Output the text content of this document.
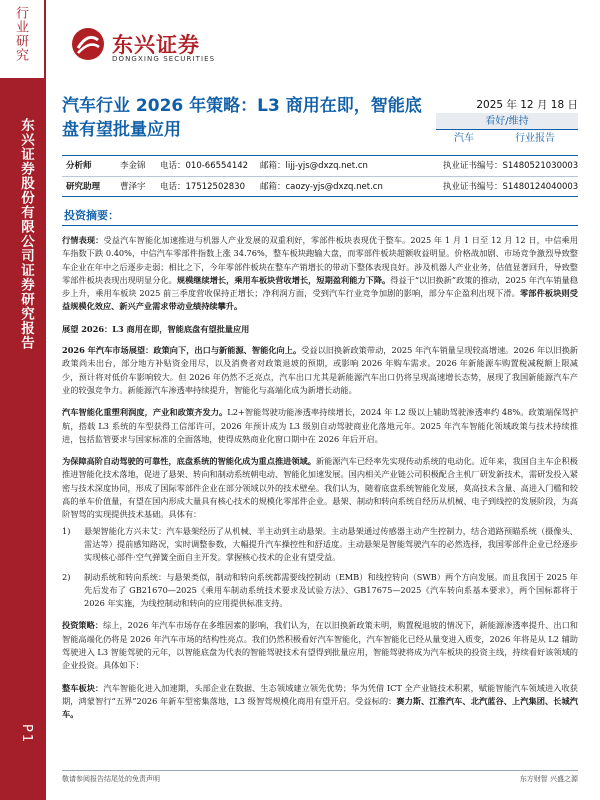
行业研究
东兴证券股份有限公司证券研究报告
P1
东兴证券
DONGXING SECURITIES
汽车行业 2026 年策略：L3 商用在即，智能底盘有望批量应用
2025 年 12 月 18 日
看好/维持
汽车	行业报告
分析师	李金锦 电话：010-66554142 邮箱：lijj-yjs@dxzq.net.cn	执业证书编号：S1480521030003
研究助理 曹泽宇 电话：17512502830 邮箱：caozy-yjs@dxzq.net.cn	执业证书编号：S1480124040003
投资摘要：
行情表现：受益汽车智能化加速推进与机器人产业发展的双重利好，零部件板块表现优于整车。2025 年 1 月 1 日至 12 月 12 日，中信乘用车指数下跌 0.40%，中信汽车零部件指数上涨 34.76%，整车板块跑输大盘，而零部件板块超额收益明显。价格战加剧、市场竞争激烈导致整车企业在年中之后逐步走弱；相比之下，今年零部件板块在整车产销增长的带动下整体表现良好。涉及机器人产业业务，估值显著回升，导致整零部件板块表现出现明显分化。规模继续增长，乘用车板块营收增长，短期盈利能力下降。得益于“以旧换新”政策的推动，2025 年汽车销量稳步上升，乘用车板块 2025 前三季度营收保持正增长；净利润方面，受到汽车行业竞争加剧的影响，部分车企盈利出现下滑。零部件板块则受益规模化效应、新兴产业需求带动业绩持续攀升。
展望 2026：L3 商用在即，智能底盘有望批量应用
2026 年汽车市场展望：政策向下，出口与新能源、智能化向上。受益以旧换新政策带动，2025 年汽车销量呈现较高增速。2026 年以旧换新政策尚未出台，部分地方补贴资金用尽，以及消费者对政策退坡的预期，或影响 2026 年购车需求。2026 年新能源车购置税减税额上限减少，预计将对低价车影响较大。但 2026 年仍然不乏亮点，汽车出口尤其是新能源汽车出口仍将呈现高速增长态势，展现了我国新能源汽车产业的较强竞争力。新能源汽车渗透率持续提升，智能化与高端化成为新增长动能。
汽车智能化重塑利润度，产业和政策齐发力。L2+智能驾驶功能渗透率持续增长，2024 年 L2 级以上辅助驾驶渗透率约 48%。政策端保驾护航，搭载 L3 系统的车型获得工信部许可，2026 年预计成为 L3 级别自动驾驶商业化落地元年。2025 年汽车智能化领域政策与技术持续推进，包括监管要求与国家标准的全面落地，使得成熟商业化窗口期中在 2026 年后开启。
为保障高阶自动驾驶的可靠性，底盘系统的智能化成为重点推进领域。新能源汽车已经率先实现传动系统的电动化。近年来，我国自主车企积极推进智能化技术落地，促进了悬架、转向和制动系统朝电动、智能化加速发展。国内相关产业链公司积极配合主机厂研发新技术，需研发投入紧密与技术深度协同，形成了国际零部件企业在部分领域以外的技术壁垒。我们认为，随着底盘系统智能化发展，莫高技术含量、高进入门槛和较高的单车价值量，有望在国内形成大量具有核心技术的规模化零部件企业。悬架、制动和转向系统自经历从机械、电子到线控的发展阶段，为高阶智驾的实现提供技术基础。具体有：
1)	悬架智能化方兴未艾：汽车悬架经历了从机械、半主动到主动悬架。主动悬架通过传感器主动产生控制力，结合道路预瞄系统（摄像头、雷达等）提前感知路况，实时调整参数，大幅提升汽车操控性和舒适度。主动悬架是智能驾驶汽车的必然选择，我国零部件企业已经逐步实现核心部件·空气弹簧全面自主开发。掌握核心技术的企业有望受益。
2)	制动系统和转向系统：与悬架类似，制动和转向系统都需要线控制动（EMB）和线控转向（SWB）两个方向发展。而且我国于 2025 年先后发布了 GB21670—2025《乘用车制动系统技术要求及试验方法》、GB17675—2025《汽车转向系基本要求》，两个国标都将于 2026 年实施，为线控制动和转向的应用提供标准支持。
投资策略：综上，2026 年汽车市场存在多维因素的影响，我们认为，在以旧换新政策未明，购置税退坡的情况下，新能源渗透率提升、出口和智能高端化仍将是 2026 年汽车市场的结构性亮点。我们仍然积极看好汽车智能化，汽车智能化已经从量变进入质变，2026 年将是从 L2 辅助驾驶进入 L3 智能驾驶的元年，以智能底盘为代表的智能驾驶技术有望得到批量应用，智能驾驶将成为汽车板块的投资主线，持续看好该领域的企业投资。具体如下：
整车板块：汽车智能化进入加速期，头部企业在数据、生态领域建立领先优势；华为凭借 ICT 全产业链技术积累，赋能智能汽车领域进入收获期，鸿蒙智行“五界”2026 年新车型密集落地，L3 级智驾规模化商用有望开启。受益标的：赛力斯、江淮汽车、北汽蓝谷、上汽集团、长城汽车。
敬请参阅报告结尾处的免责声明	东方财智 兴盛之源
